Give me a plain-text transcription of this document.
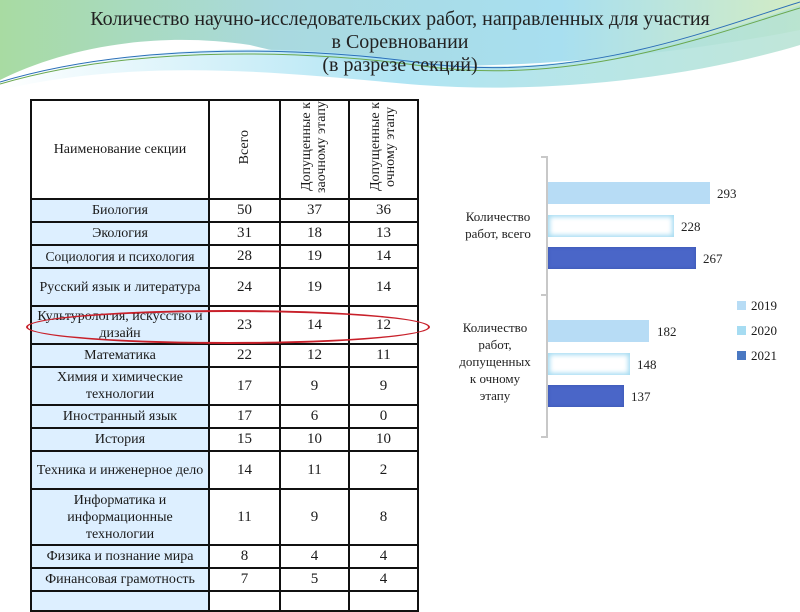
Количество научно-исследовательских работ, направленных для участия
в Соревновании
(в разрезе секций)
Наименование секции	Всего	Допущенные к заочному этапу	Допущенные к очному этапу
Биология	50	37	36
Экология	31	18	13
Социология и психология	28	19	14
Русский язык и литература	24	19	14
Культурология, искусство и дизайн	23	14	12
Математика	22	12	11
Химия и химические технологии	17	9	9
Иностранный язык	17	6	0
История	15	10	10
Техника и инженерное дело	14	11	2
Информатика и информационные технологии	11	9	8
Физика и познание мира	8	4	4
Финансовая грамотность	7	5	4

Количество
работ, всего
Количество
работ,
допущенных
к очному
этапу
293
228
267
182
148
137
2019
2020
2021
